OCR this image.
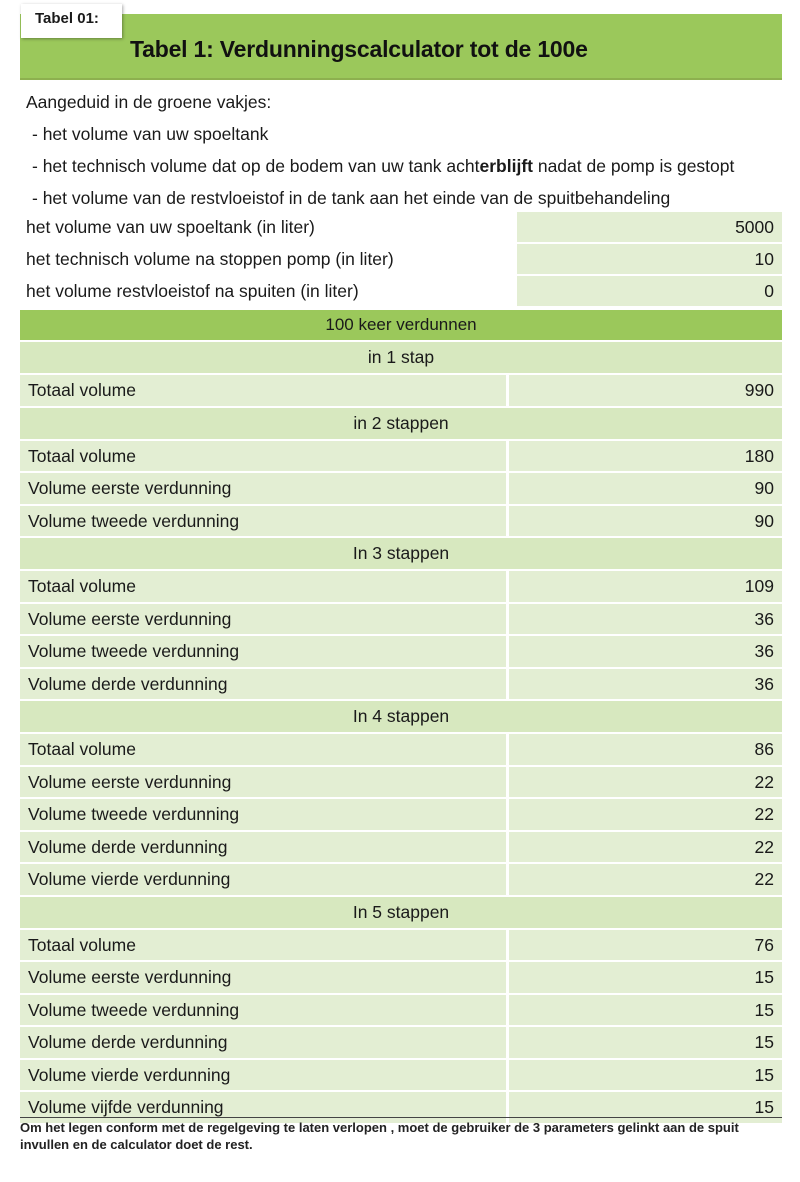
Tabel 01:
Tabel 1: Verdunningscalculator tot de 100e
Aangeduid in de groene vakjes:
- het volume van uw spoeltank
- het technisch volume dat op de bodem van uw tank achterblijft nadat de pomp is gestopt
- het volume van de restvloeistof in de tank aan het einde van de spuitbehandeling
het volume van uw spoeltank (in liter)	5000
het technisch volume na stoppen pomp (in liter)	10
het volume restvloeistof na spuiten (in liter)	0
100 keer verdunnen
in 1 stap
Totaal volume	990
in 2 stappen
Totaal volume	180
Volume eerste verdunning	90
Volume tweede verdunning	90
In 3 stappen
Totaal volume	109
Volume eerste verdunning	36
Volume tweede verdunning	36
Volume derde verdunning	36
In 4 stappen
Totaal volume	86
Volume eerste verdunning	22
Volume tweede verdunning	22
Volume derde verdunning	22
Volume vierde verdunning	22
In 5 stappen
Totaal volume	76
Volume eerste verdunning	15
Volume tweede verdunning	15
Volume derde verdunning	15
Volume vierde verdunning	15
Volume vijfde verdunning	15
Om het legen conform met de regelgeving te laten verlopen , moet de gebruiker de 3 parameters gelinkt aan de spuit invullen en de calculator doet de rest.
